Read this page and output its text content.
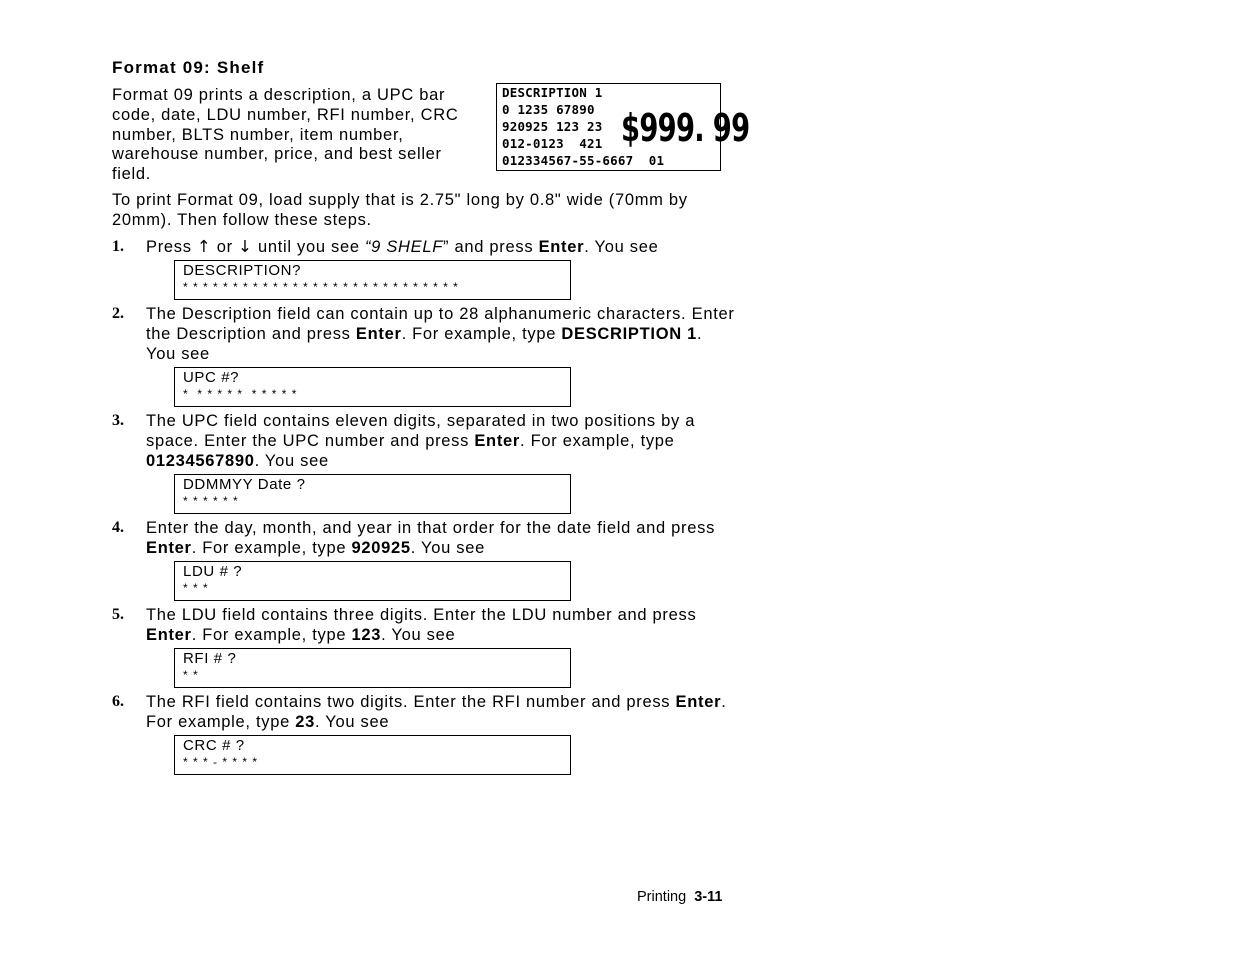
Format 09: Shelf
Format 09 prints a description, a UPC bar code, date, LDU number, RFI number, CRC number, BLTS number, item number, warehouse number, price, and best seller field.
DESCRIPTION 1
0 1235 67890
920925 123 23
012-0123  421
012334567-55-6667  01
$999. 99
To print Format 09, load supply that is 2.75" long by 0.8" wide (70mm by 20mm). Then follow these steps.
1. Press ↑ or ↓ until you see “9 SHELF” and press Enter. You see
DESCRIPTION?
* * * * * * * * * * * * * * * * * * * * * * * * * * * *
2. The Description field can contain up to 28 alphanumeric characters. Enter the Description and press Enter. For example, type DESCRIPTION 1. You see
UPC #?
*  * * * * *  * * * * *
3. The UPC field contains eleven digits, separated in two positions by a space. Enter the UPC number and press Enter. For example, type 01234567890. You see
DDMMYY Date ?
* * * * * *
4. Enter the day, month, and year in that order for the date field and press Enter. For example, type 920925. You see
LDU # ?
* * *
5. The LDU field contains three digits. Enter the LDU number and press Enter. For example, type 123. You see
RFI # ?
* *
6. The RFI field contains two digits. Enter the RFI number and press Enter. For example, type 23. You see
CRC # ?
* * * - * * * *
Printing 3-11
